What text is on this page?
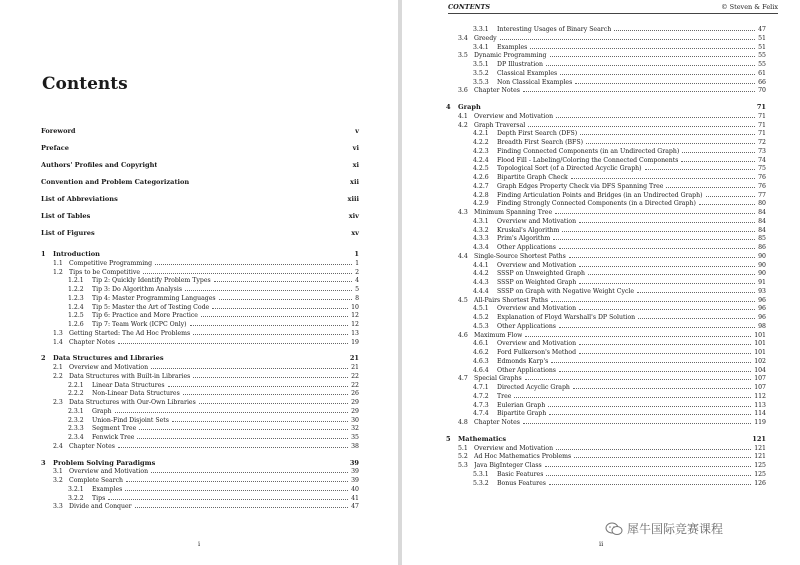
Contents
Foreword	v
Preface	vi
Authors' Profiles and Copyright	xi
Convention and Problem Categorization	xii
List of Abbreviations	xiii
List of Tables	xiv
List of Figures	xv
1	Introduction	1
1.1 Competitive Programming	1
1.2 Tips to be Competitive	2
1.2.1	Tip 2: Quickly Identify Problem Types	4
1.2.2	Tip 3: Do Algorithm Analysis	5
1.2.3	Tip 4: Master Programming Languages	8
1.2.4	Tip 5: Master the Art of Testing Code	10
1.2.5	Tip 6: Practice and More Practice	12
1.2.6	Tip 7: Team Work (ICPC Only)	12
1.3 Getting Started: The Ad Hoc Problems	13
1.4 Chapter Notes	19
2	Data Structures and Libraries	21
2.1 Overview and Motivation	21
2.2 Data Structures with Built-in Libraries	22
2.2.1	Linear Data Structures	22
2.2.2	Non-Linear Data Structures	26
2.3 Data Structures with Our-Own Libraries	29
2.3.1	Graph	29
2.3.2	Union-Find Disjoint Sets	30
2.3.3	Segment Tree	32
2.3.4	Fenwick Tree	35
2.4 Chapter Notes	38
3	Problem Solving Paradigms	39
3.1 Overview and Motivation	39
3.2 Complete Search	39
3.2.1	Examples	40
3.2.2	Tips	41
3.3 Divide and Conquer	47
i
3.3.1	Interesting Usages of Binary Search	47
3.4 Greedy	51
3.4.1	Examples	51
3.5 Dynamic Programming	55
3.5.1	DP Illustration	55
3.5.2	Classical Examples	61
3.5.3	Non Classical Examples	66
3.6 Chapter Notes	70
4	Graph	71
4.1 Overview and Motivation	71
4.2 Graph Traversal	71
4.2.1	Depth First Search (DFS)	71
4.2.2	Breadth First Search (BFS)	72
4.2.3	Finding Connected Components (in an Undirected Graph)	73
4.2.4	Flood Fill - Labeling/Coloring the Connected Components	74
4.2.5	Topological Sort (of a Directed Acyclic Graph)	75
4.2.6	Bipartite Graph Check	76
4.2.7	Graph Edges Property Check via DFS Spanning Tree	76
4.2.8	Finding Articulation Points and Bridges (in an Undirected Graph)	77
4.2.9	Finding Strongly Connected Components (in a Directed Graph)	80
4.3 Minimum Spanning Tree	84
4.3.1	Overview and Motivation	84
4.3.2	Kruskal's Algorithm	84
4.3.3	Prim's Algorithm	85
4.3.4	Other Applications	86
4.4 Single-Source Shortest Paths	90
4.4.1	Overview and Motivation	90
4.4.2	SSSP on Unweighted Graph	90
4.4.3	SSSP on Weighted Graph	91
4.4.4	SSSP on Graph with Negative Weight Cycle	93
4.5 All-Pairs Shortest Paths	96
4.5.1	Overview and Motivation	96
4.5.2	Explanation of Floyd Warshall's DP Solution	96
4.5.3	Other Applications	98
4.6 Maximum Flow	101
4.6.1	Overview and Motivation	101
4.6.2	Ford Fulkerson's Method	101
4.6.3	Edmonds Karp's	102
4.6.4	Other Applications	104
4.7 Special Graphs	107
4.7.1	Directed Acyclic Graph	107
4.7.2	Tree	112
4.7.3	Eulerian Graph	113
4.7.4	Bipartite Graph	114
4.8 Chapter Notes	119
5	Mathematics	121
5.1 Overview and Motivation	121
5.2 Ad Hoc Mathematics Problems	121
5.3 Java BigInteger Class	125
5.3.1	Basic Features	125
5.3.2	Bonus Features	126
ii
CONTENTS	© Steven & Felix
犀牛国际竞赛课程
